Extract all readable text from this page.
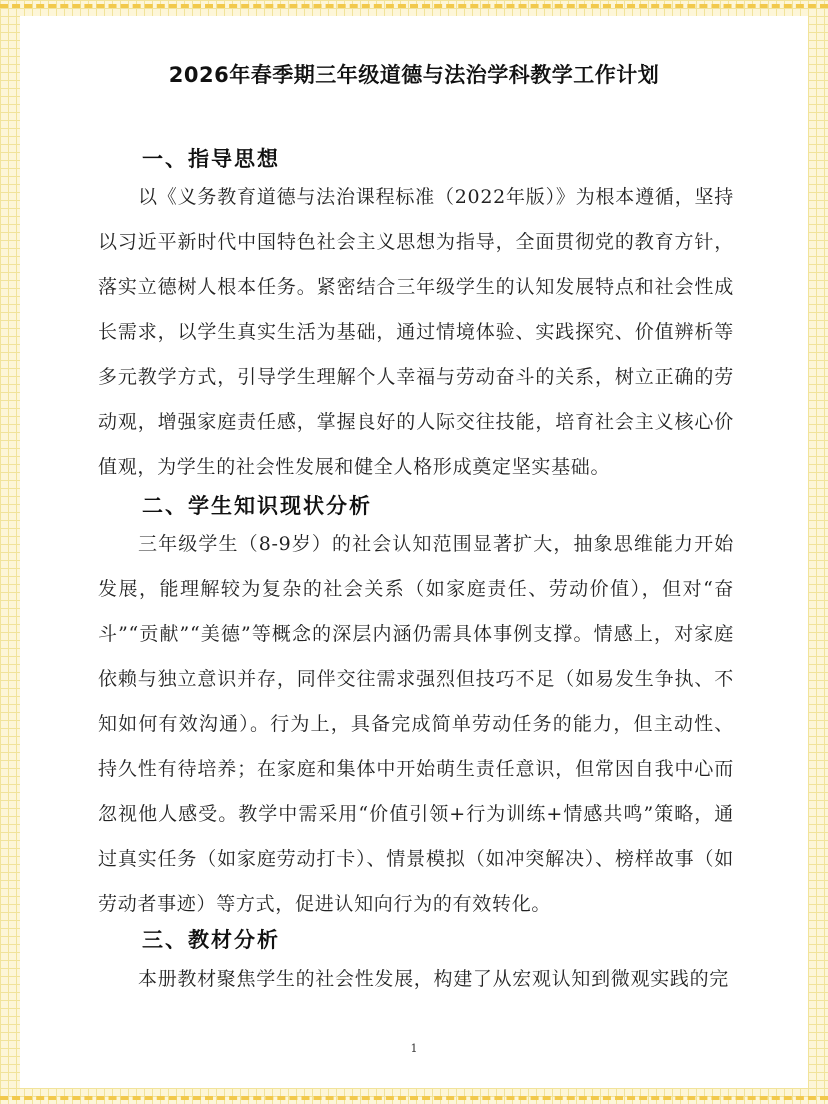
2026年春季期三年级道德与法治学科教学工作计划
一、指导思想

以《义务教育道德与法治课程标准（2022年版）》为根本遵循，坚持以习近平新时代中国特色社会主义思想为指导，全面贯彻党的教育方针，落实立德树人根本任务。紧密结合三年级学生的认知发展特点和社会性成长需求，以学生真实生活为基础，通过情境体验、实践探究、价值辨析等多元教学方式，引导学生理解个人幸福与劳动奋斗的关系，树立正确的劳动观，增强家庭责任感，掌握良好的人际交往技能，培育社会主义核心价值观，为学生的社会性发展和健全人格形成奠定坚实基础。

二、学生知识现状分析

三年级学生（8-9岁）的社会认知范围显著扩大，抽象思维能力开始发展，能理解较为复杂的社会关系（如家庭责任、劳动价值），但对“奋斗”“贡献”“美德”等概念的深层内涵仍需具体事例支撑。情感上，对家庭依赖与独立意识并存，同伴交往需求强烈但技巧不足（如易发生争执、不知如何有效沟通）。行为上，具备完成简单劳动任务的能力，但主动性、持久性有待培养；在家庭和集体中开始萌生责任意识，但常因自我中心而忽视他人感受。教学中需采用“价值引领+行为训练+情感共鸣”策略，通过真实任务（如家庭劳动打卡）、情景模拟（如冲突解决）、榜样故事（如劳动者事迹）等方式，促进认知向行为的有效转化。

三、教材分析

本册教材聚焦学生的社会性发展，构建了从宏观认知到微观实践的完

1
